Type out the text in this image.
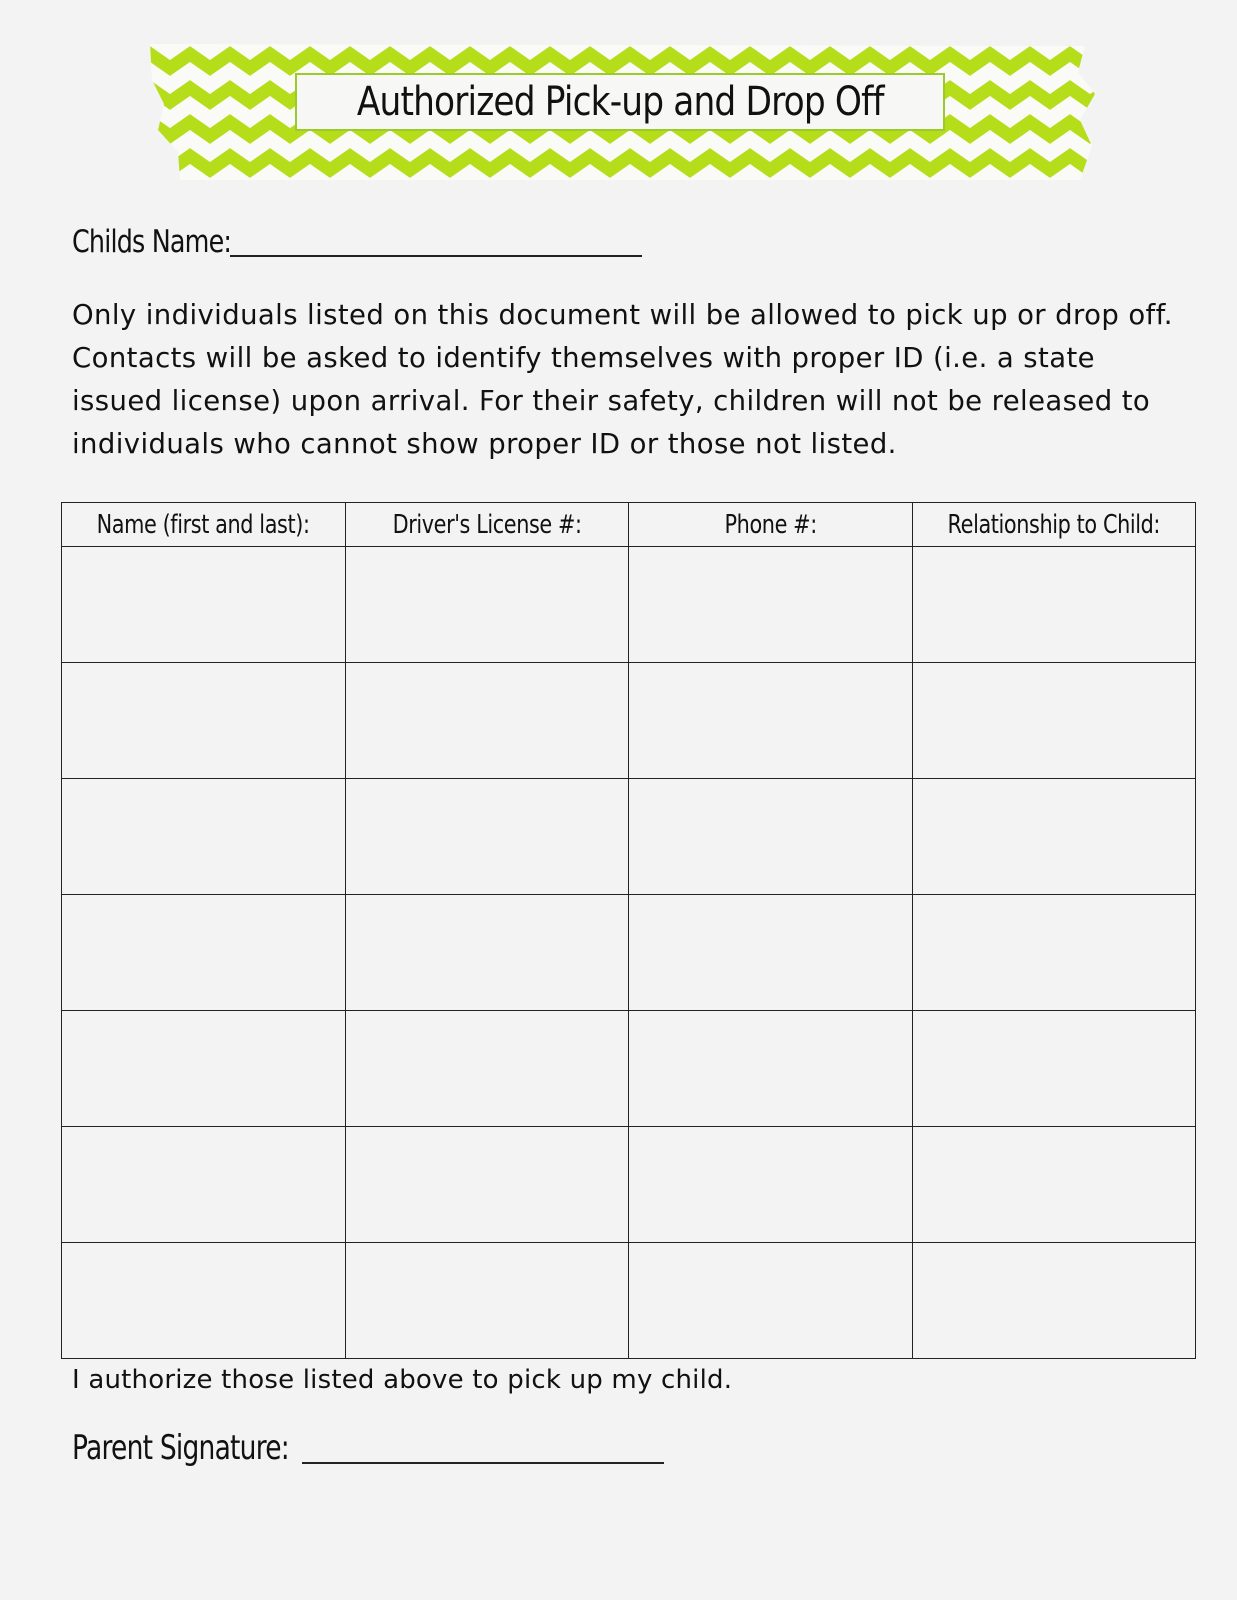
Authorized Pick-up and Drop Off
Childs Name:

Only individuals listed on this document will be allowed to pick up or drop off. Contacts will be asked to identify themselves with proper ID (i.e. a state issued license) upon arrival. For their safety, children will not be released to individuals who cannot show proper ID or those not listed.

Name (first and last):	Driver's License #:	Phone #:	Relationship to Child:

I authorize those listed above to pick up my child.

Parent Signature:
